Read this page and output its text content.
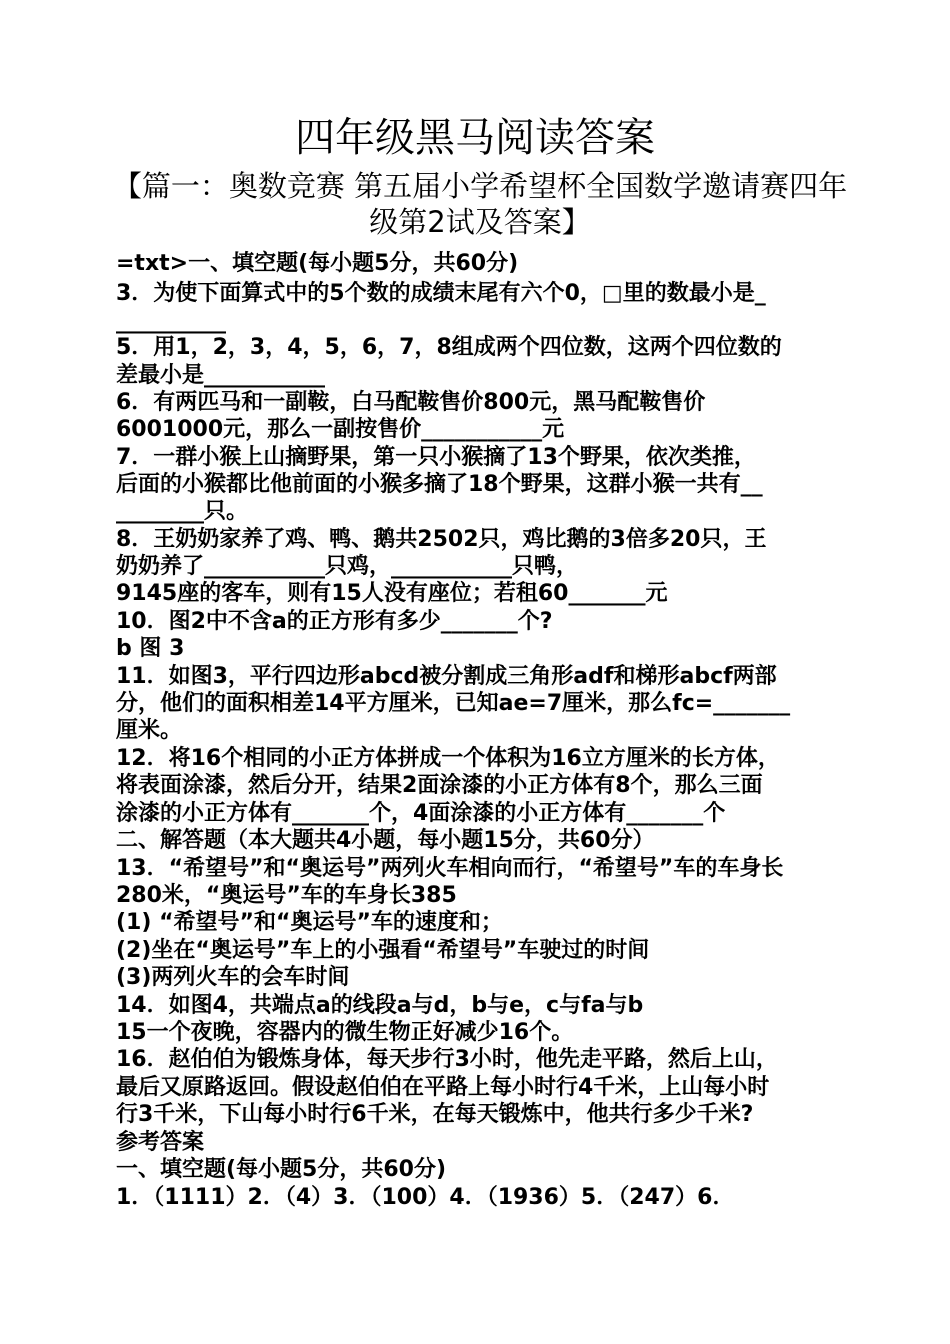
四年级黑马阅读答案
【篇一：奥数竞赛 第五届小学希望杯全国数学邀请赛四年级第2试及答案】
=txt>一、填空题(每小题5分，共60分)
3．为使下面算式中的5个数的成绩末尾有六个0，□里的数最小是_
__________
5．用1，2，3，4，5，6，7，8组成两个四位数，这两个四位数的
差最小是___________
6．有两匹马和一副鞍，白马配鞍售价800元，黑马配鞍售价
6001000元，那么一副按售价___________元
7．一群小猴上山摘野果，第一只小猴摘了13个野果，依次类推，
后面的小猴都比他前面的小猴多摘了18个野果，这群小猴一共有__
________只。
8．王奶奶家养了鸡、鸭、鹅共2502只，鸡比鹅的3倍多20只，王
奶奶养了___________只鸡，___________只鸭，
9145座的客车，则有15人没有座位；若租60_______元
10．图2中不含a的正方形有多少_______个?
b 图 3
11．如图3，平行四边形abcd被分割成三角形adf和梯形abcf两部
分，他们的面积相差14平方厘米，已知ae=7厘米，那么fc=_______
厘米。
12．将16个相同的小正方体拼成一个体积为16立方厘米的长方体，
将表面涂漆，然后分开，结果2面涂漆的小正方体有8个，那么三面
涂漆的小正方体有_______个，4面涂漆的小正方体有_______个
二、解答题（本大题共4小题，每小题15分，共60分）
13．“希望号”和“奥运号”两列火车相向而行，“希望号”车的车身长
280米，“奥运号”车的车身长385
(1) “希望号”和“奥运号”车的速度和；
(2)坐在“奥运号”车上的小强看“希望号”车驶过的时间
(3)两列火车的会车时间
14．如图4，共端点a的线段a与d，b与e，c与fa与b
15一个夜晚，容器内的微生物正好减少16个。
16．赵伯伯为锻炼身体，每天步行3小时，他先走平路，然后上山，
最后又原路返回。假设赵伯伯在平路上每小时行4千米，上山每小时
行3千米，下山每小时行6千米，在每天锻炼中，他共行多少千米?
参考答案
一、填空题(每小题5分，共60分)
1．（1111）2．（4）3．（100）4．（1936）5．（247）6．
